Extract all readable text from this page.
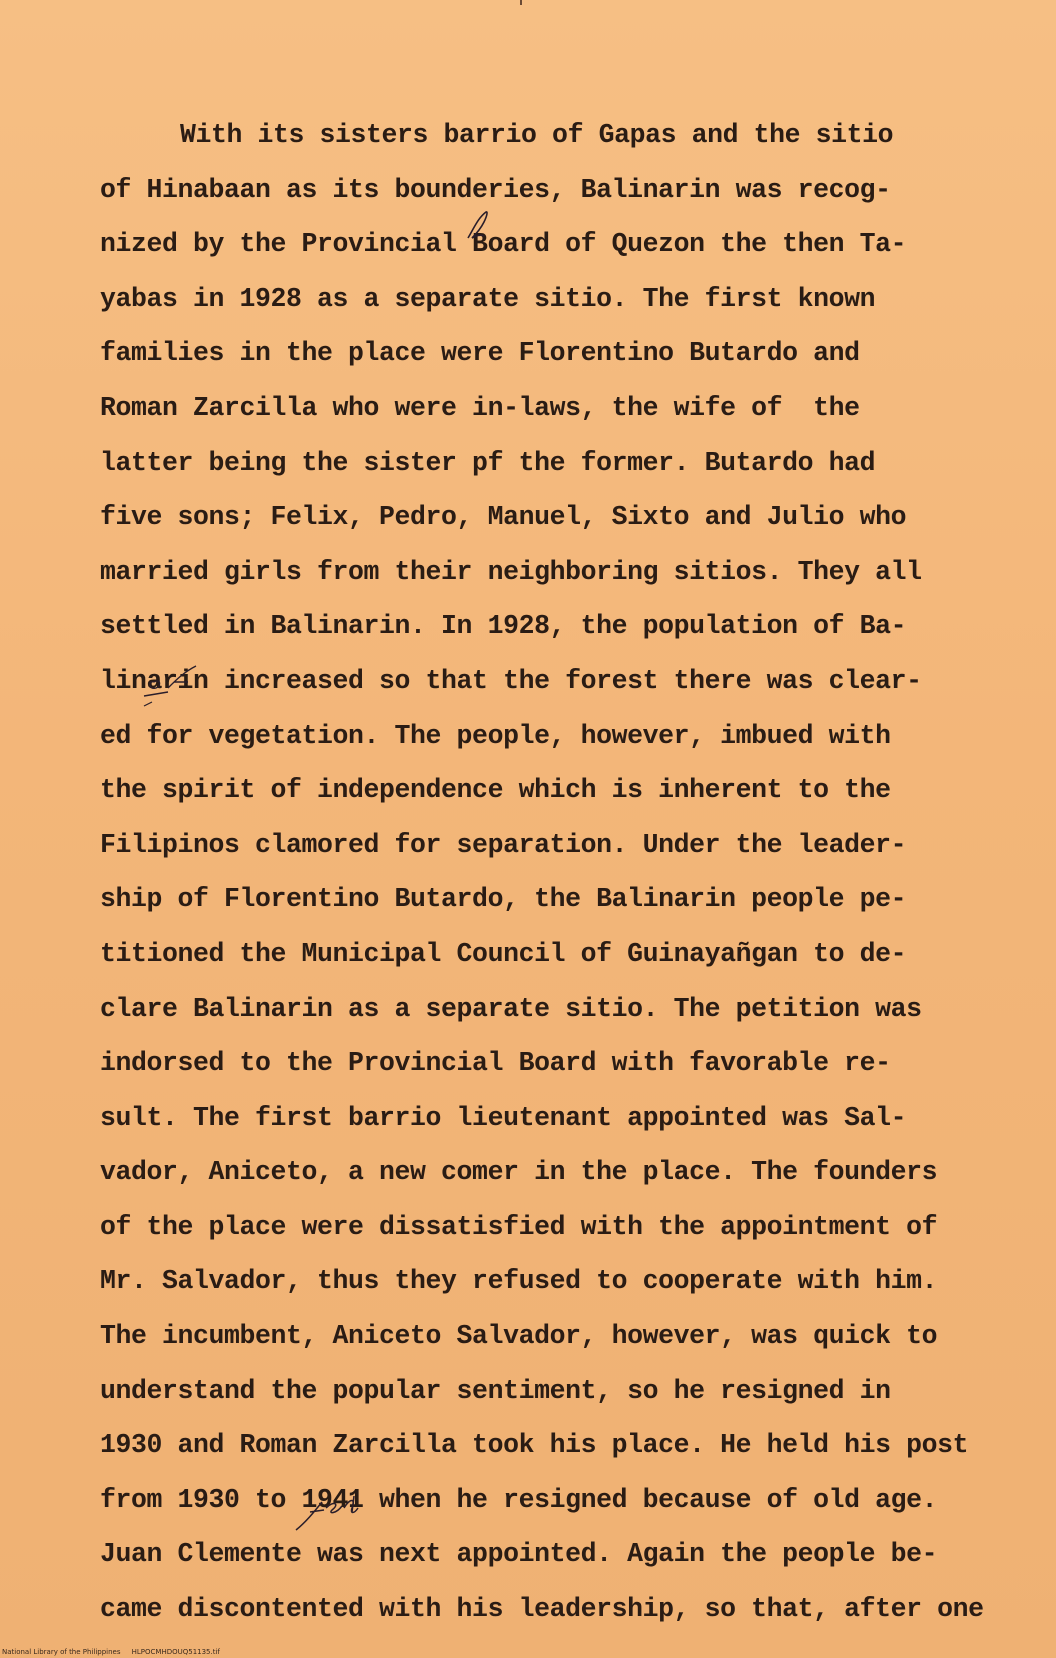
With its sisters barrio of Gapas and the sitio
of Hinabaan as its bounderies, Balinarin was recog-
nized by the Provincial Board of Quezon the then Ta-
yabas in 1928 as a separate sitio. The first known
families in the place were Florentino Butardo and
Roman Zarcilla who were in-laws, the wife of  the
latter being the sister pf the former. Butardo had
five sons; Felix, Pedro, Manuel, Sixto and Julio who
married girls from their neighboring sitios. They all
settled in Balinarin. In 1928, the population of Ba-
linarin increased so that the forest there was clear-
ed for vegetation. The people, however, imbued with
the spirit of independence which is inherent to the
Filipinos clamored for separation. Under the leader-
ship of Florentino Butardo, the Balinarin people pe-
titioned the Municipal Council of Guinayañgan to de-
clare Balinarin as a separate sitio. The petition was
indorsed to the Provincial Board with favorable re-
sult. The first barrio lieutenant appointed was Sal-
vador, Aniceto, a new comer in the place. The founders
of the place were dissatisfied with the appointment of
Mr. Salvador, thus they refused to cooperate with him.
The incumbent, Aniceto Salvador, however, was quick to
understand the popular sentiment, so he resigned in
1930 and Roman Zarcilla took his place. He held his post
from 1930 to 1941 when he resigned because of old age.
Juan Clemente was next appointed. Again the people be-
came discontented with his leadership, so that, after one
National Library of the Philippines     HLPOCMHDOUQ51135.tif
